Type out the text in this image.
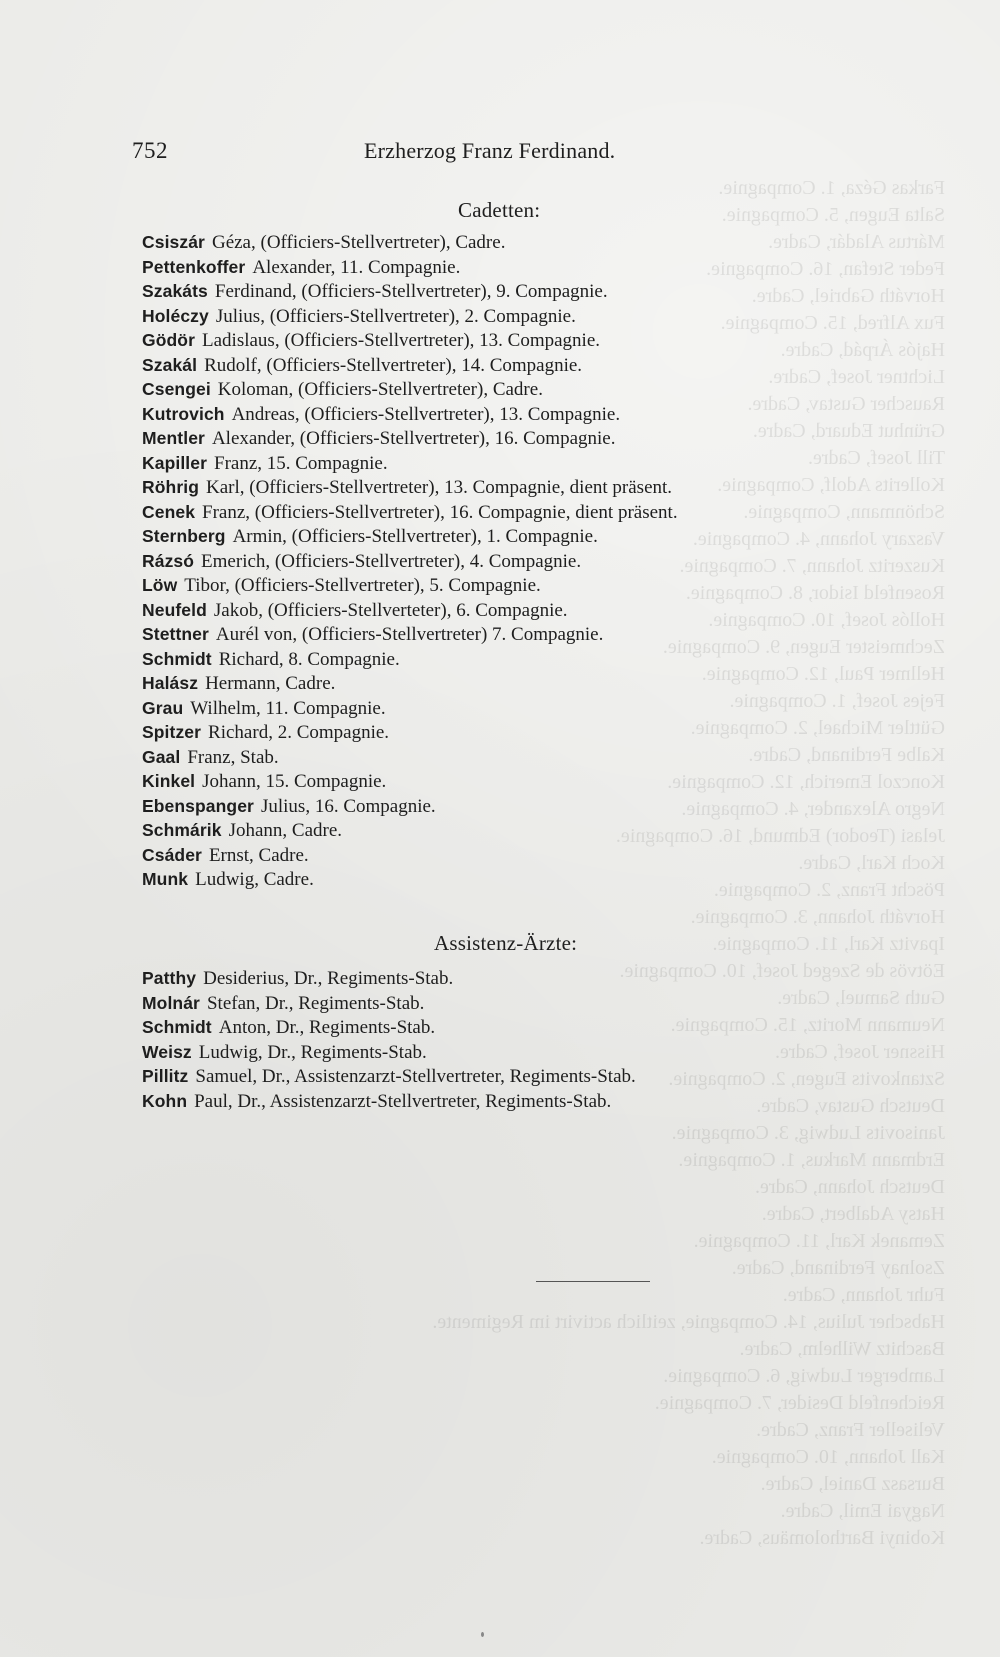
Farkas Géza, 1. Compagnie.
Salta Eugen, 5. Compagnie.
Mártus Aladár, Cadre.
Feder Stefan, 16. Compagnie.
Horváth Gabriel, Cadre.
Fux Alfred, 15. Compagnie.
Hajós Árpád, Cadre.
Lichtner Josef, Cadre.
Rauscher Gustav, Cadre.
Grünhut Eduard, Cadre.
Till Josef, Cadre.
Kollerits Adolf, Compagnie.
Schönmann, Compagnie.
Vaszary Johann, 4. Compagnie.
Kuszeritz Johann, 7. Compagnie.
Rosenfeld Isidor, 8. Compagnie.
Hollós Josef, 10. Compagnie.
Zechmeister Eugen, 9. Compagnie.
Hellmer Paul, 12. Compagnie.
Fejes Josef, 1. Compagnie.
Güttler Michael, 2. Compagnie.
Kalbe Ferdinand, Cadre.
Konczol Emerich, 12. Compagnie.
Negro Alexander, 4. Compagnie.
Jelasi (Teodor) Edmund, 16. Compagnie.
Koch Karl, Cadre.
Pöscht Franz, 2. Compagnie.
Horváth Johann, 3. Compagnie.
Ipavitz Karl, 11. Compagnie.
Eötvös de Szeged Josef, 10. Compagnie.
Guth Samuel, Cadre.
Neumann Moritz, 15. Compagnie.
Hissner Josef, Cadre.
Sztankovits Eugen, 2. Compagnie.
Deutsch Gustav, Cadre.
Janisovits Ludwig, 3. Compagnie.
Erdmann Markus, 1. Compagnie.
Deutsch Johann, Cadre.
Hatsy Adalbert, Cadre.
Zemanek Karl, 11. Compagnie.
Zsolnay Ferdinand, Cadre.
Fuhr Johann, Cadre.
Habscher Julius, 14. Compagnie, zeitlich activirt im Regimente.
Baschitz Wilhelm, Cadre.
Lamberger Ludwig, 6. Compagnie.
Reichenfeld Desider, 7. Compagnie.
Veliseller Franz, Cadre.
Kall Johann, 10. Compagnie.
Bursasz Daniel, Cadre.
Nagyai Emil, Cadre.
Kobinyi Bartholomäus, Cadre.
752	Erzherzog Franz Ferdinand.
Cadetten:
Csiszár Géza, (Officiers-Stellvertreter), Cadre.
Pettenkoffer Alexander, 11. Compagnie.
Szakáts Ferdinand, (Officiers-Stellvertreter), 9. Compagnie.
Holéczy Julius, (Officiers-Stellvertreter), 2. Compagnie.
Gödör Ladislaus, (Officiers-Stellvertreter), 13. Compagnie.
Szakál Rudolf, (Officiers-Stellvertreter), 14. Compagnie.
Csengei Koloman, (Officiers-Stellvertreter), Cadre.
Kutrovich Andreas, (Officiers-Stellvertreter), 13. Compagnie.
Mentler Alexander, (Officiers-Stellvertreter), 16. Compagnie.
Kapiller Franz, 15. Compagnie.
Röhrig Karl, (Officiers-Stellvertreter), 13. Compagnie, dient präsent.
Cenek Franz, (Officiers-Stellvertreter), 16. Compagnie, dient präsent.
Sternberg Armin, (Officiers-Stellvertreter), 1. Compagnie.
Rázsó Emerich, (Officiers-Stellvertreter), 4. Compagnie.
Löw Tibor, (Officiers-Stellvertreter), 5. Compagnie.
Neufeld Jakob, (Officiers-Stellverteter), 6. Compagnie.
Stettner Aurél von, (Officiers-Stellvertreter) 7. Compagnie.
Schmidt Richard, 8. Compagnie.
Halász Hermann, Cadre.
Grau Wilhelm, 11. Compagnie.
Spitzer Richard, 2. Compagnie.
Gaal Franz, Stab.
Kinkel Johann, 15. Compagnie.
Ebenspanger Julius, 16. Compagnie.
Schmárik Johann, Cadre.
Csáder Ernst, Cadre.
Munk Ludwig, Cadre.
Assistenz-Ärzte:
Patthy Desiderius, Dr., Regiments-Stab.
Molnár Stefan, Dr., Regiments-Stab.
Schmidt Anton, Dr., Regiments-Stab.
Weisz Ludwig, Dr., Regiments-Stab.
Pillitz Samuel, Dr., Assistenzarzt-Stellvertreter, Regiments-Stab.
Kohn Paul, Dr., Assistenzarzt-Stellvertreter, Regiments-Stab.
